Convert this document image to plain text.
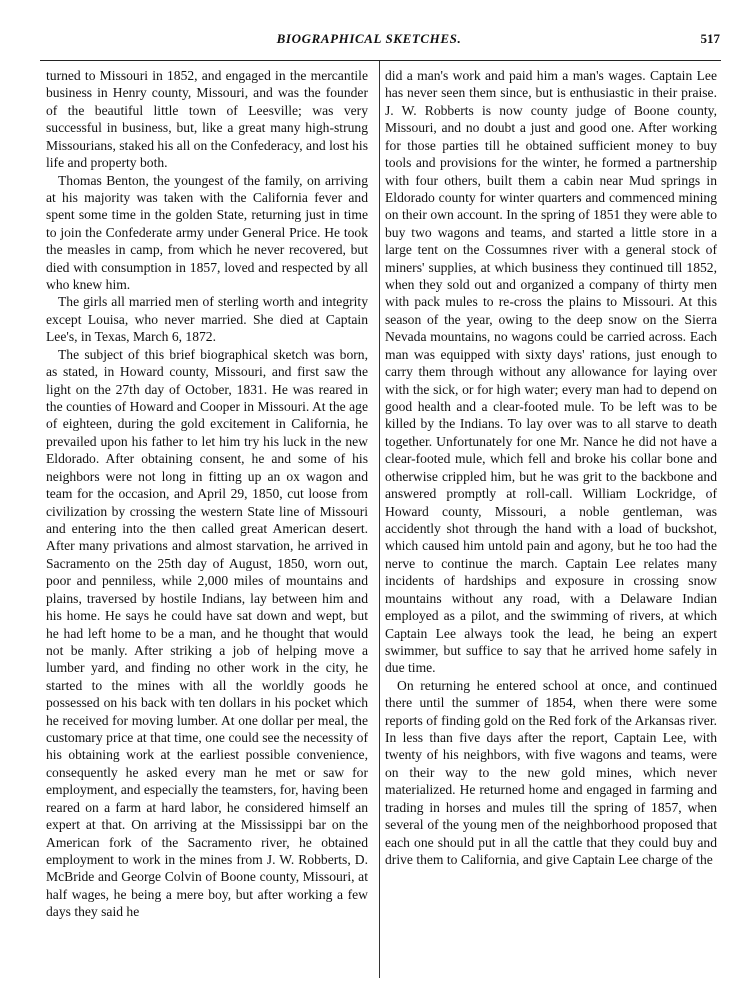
BIOGRAPHICAL SKETCHES.	517

turned to Missouri in 1852, and engaged in the mercantile business in Henry county, Missouri, and was the founder of the beautiful little town of Leesville; was very successful in business, but, like a great many high-strung Missourians, staked his all on the Confederacy, and lost his life and property both.

Thomas Benton, the youngest of the family, on arriving at his majority was taken with the California fever and spent some time in the golden State, returning just in time to join the Confederate army under General Price. He took the measles in camp, from which he never recovered, but died with consumption in 1857, loved and respected by all who knew him.

The girls all married men of sterling worth and integrity except Louisa, who never married. She died at Captain Lee's, in Texas, March 6, 1872.

The subject of this brief biographical sketch was born, as stated, in Howard county, Missouri, and first saw the light on the 27th day of October, 1831. He was reared in the counties of Howard and Cooper in Missouri. At the age of eighteen, during the gold excitement in California, he prevailed upon his father to let him try his luck in the new Eldorado. After obtaining consent, he and some of his neighbors were not long in fitting up an ox wagon and team for the occasion, and April 29, 1850, cut loose from civilization by crossing the western State line of Missouri and entering into the then called great American desert. After many privations and almost starvation, he arrived in Sacramento on the 25th day of August, 1850, worn out, poor and penniless, while 2,000 miles of mountains and plains, traversed by hostile Indians, lay between him and his home. He says he could have sat down and wept, but he had left home to be a man, and he thought that would not be manly. After striking a job of helping move a lumber yard, and finding no other work in the city, he started to the mines with all the worldly goods he possessed on his back with ten dollars in his pocket which he received for moving lumber. At one dollar per meal, the customary price at that time, one could see the necessity of his obtaining work at the earliest possible convenience, consequently he asked every man he met or saw for employment, and especially the teamsters, for, having been reared on a farm at hard labor, he considered himself an expert at that. On arriving at the Mississippi bar on the American fork of the Sacramento river, he obtained employment to work in the mines from J. W. Robberts, D. McBride and George Colvin of Boone county, Missouri, at half wages, he being a mere boy, but after working a few days they said he

did a man's work and paid him a man's wages. Captain Lee has never seen them since, but is enthusiastic in their praise. J. W. Robberts is now county judge of Boone county, Missouri, and no doubt a just and good one. After working for those parties till he obtained sufficient money to buy tools and provisions for the winter, he formed a partnership with four others, built them a cabin near Mud springs in Eldorado county for winter quarters and commenced mining on their own account. In the spring of 1851 they were able to buy two wagons and teams, and started a little store in a large tent on the Cossumnes river with a general stock of miners' supplies, at which business they continued till 1852, when they sold out and organized a company of thirty men with pack mules to re-cross the plains to Missouri. At this season of the year, owing to the deep snow on the Sierra Nevada mountains, no wagons could be carried across. Each man was equipped with sixty days' rations, just enough to carry them through without any allowance for laying over with the sick, or for high water; every man had to depend on good health and a clear-footed mule. To be left was to be killed by the Indians. To lay over was to all starve to death together. Unfortunately for one Mr. Nance he did not have a clear-footed mule, which fell and broke his collar bone and otherwise crippled him, but he was grit to the backbone and answered promptly at roll-call. William Lockridge, of Howard county, Missouri, a noble gentleman, was accidently shot through the hand with a load of buckshot, which caused him untold pain and agony, but he too had the nerve to continue the march. Captain Lee relates many incidents of hardships and exposure in crossing snow mountains without any road, with a Delaware Indian employed as a pilot, and the swimming of rivers, at which Captain Lee always took the lead, he being an expert swimmer, but suffice to say that he arrived home safely in due time.

On returning he entered school at once, and continued there until the summer of 1854, when there were some reports of finding gold on the Red fork of the Arkansas river. In less than five days after the report, Captain Lee, with twenty of his neighbors, with five wagons and teams, were on their way to the new gold mines, which never materialized. He returned home and engaged in farming and trading in horses and mules till the spring of 1857, when several of the young men of the neighborhood proposed that each one should put in all the cattle that they could buy and drive them to California, and give Captain Lee charge of the
